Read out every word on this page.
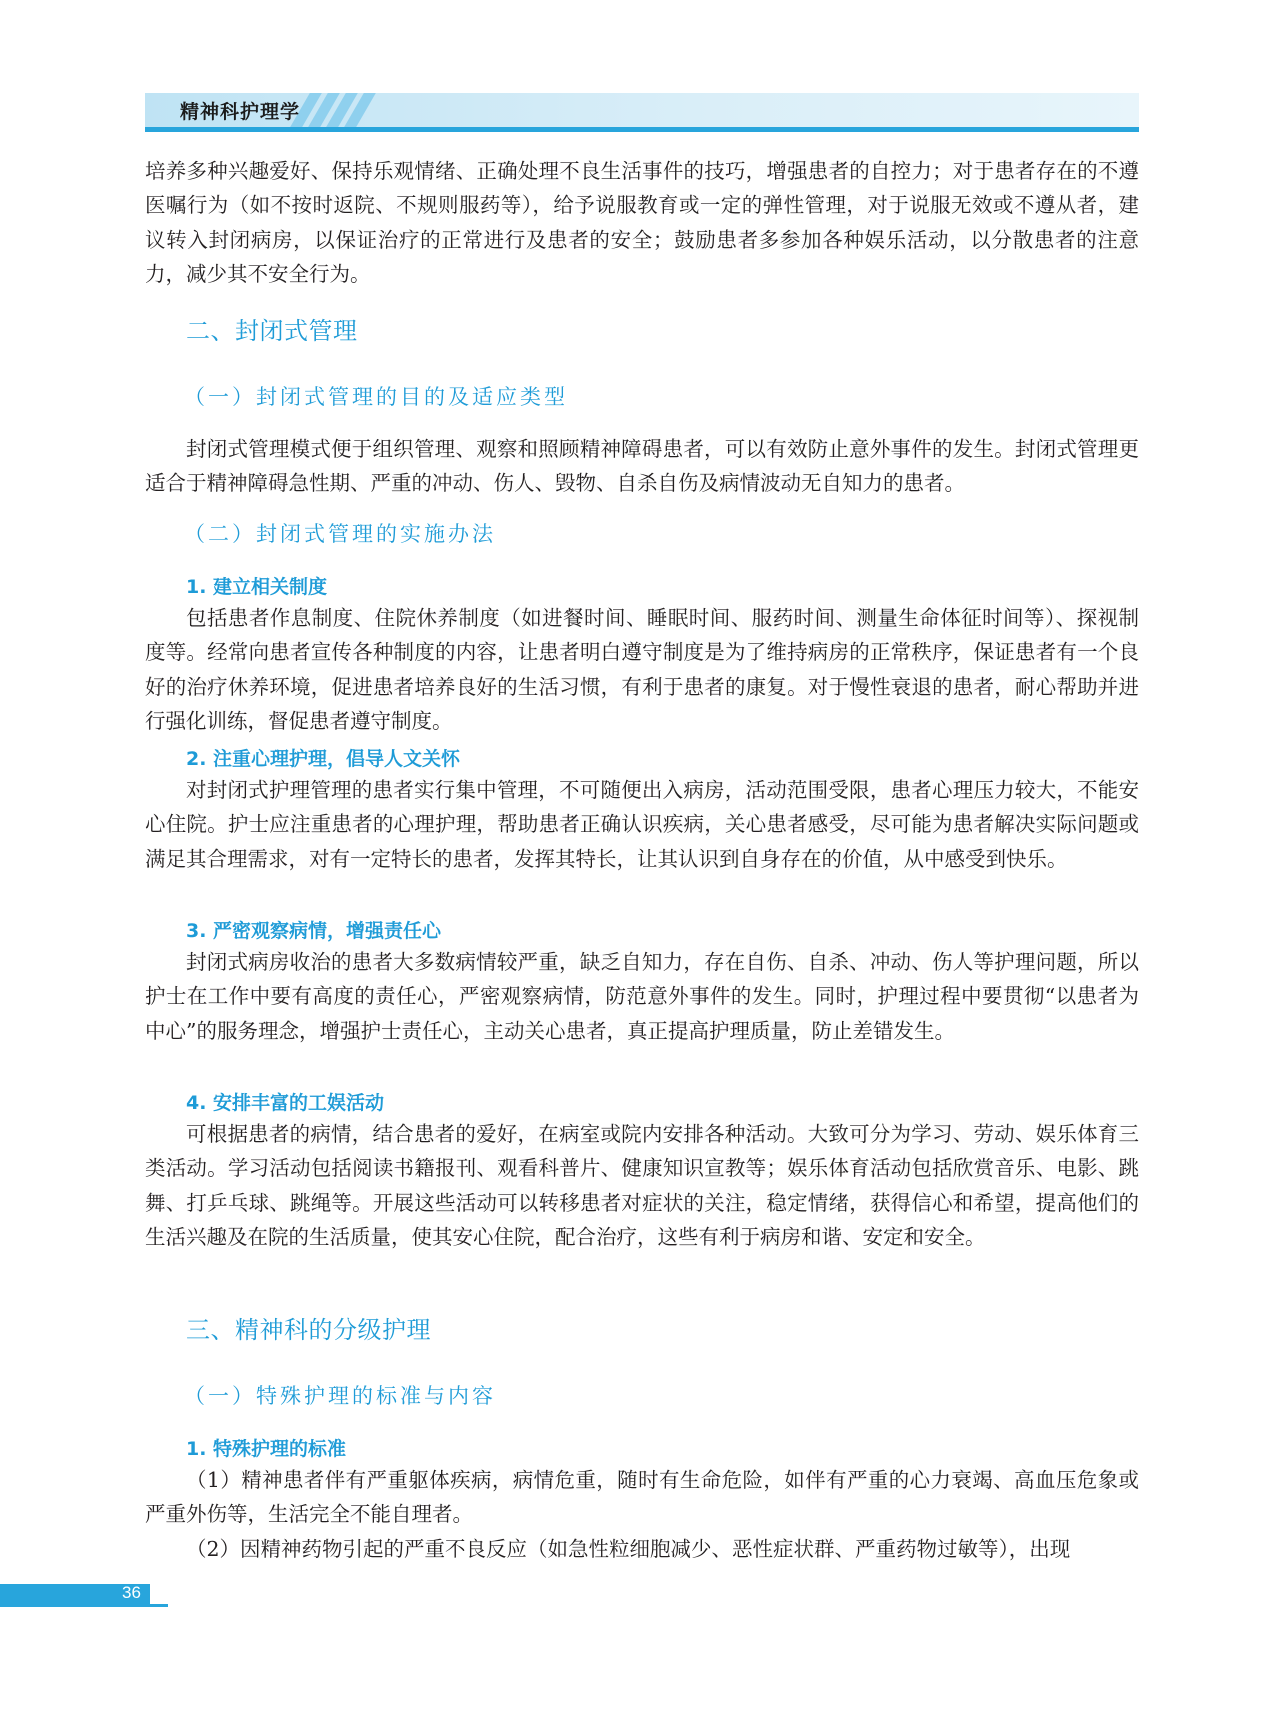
精神科护理学

培养多种兴趣爱好、保持乐观情绪、正确处理不良生活事件的技巧，增强患者的自控力；对于患者存在的不遵医嘱行为（如不按时返院、不规则服药等），给予说服教育或一定的弹性管理，对于说服无效或不遵从者，建议转入封闭病房，以保证治疗的正常进行及患者的安全；鼓励患者多参加各种娱乐活动，以分散患者的注意力，减少其不安全行为。

二、封闭式管理
（一）封闭式管理的目的及适应类型

封闭式管理模式便于组织管理、观察和照顾精神障碍患者，可以有效防止意外事件的发生。封闭式管理更适合于精神障碍急性期、严重的冲动、伤人、毁物、自杀自伤及病情波动无自知力的患者。

（二）封闭式管理的实施办法
1. 建立相关制度

包括患者作息制度、住院休养制度（如进餐时间、睡眠时间、服药时间、测量生命体征时间等）、探视制度等。经常向患者宣传各种制度的内容，让患者明白遵守制度是为了维持病房的正常秩序，保证患者有一个良好的治疗休养环境，促进患者培养良好的生活习惯，有利于患者的康复。对于慢性衰退的患者，耐心帮助并进行强化训练，督促患者遵守制度。

2. 注重心理护理，倡导人文关怀

对封闭式护理管理的患者实行集中管理，不可随便出入病房，活动范围受限，患者心理压力较大，不能安心住院。护士应注重患者的心理护理，帮助患者正确认识疾病，关心患者感受，尽可能为患者解决实际问题或满足其合理需求，对有一定特长的患者，发挥其特长，让其认识到自身存在的价值，从中感受到快乐。

3. 严密观察病情，增强责任心

封闭式病房收治的患者大多数病情较严重，缺乏自知力，存在自伤、自杀、冲动、伤人等护理问题，所以护士在工作中要有高度的责任心，严密观察病情，防范意外事件的发生。同时，护理过程中要贯彻“以患者为中心”的服务理念，增强护士责任心，主动关心患者，真正提高护理质量，防止差错发生。

4. 安排丰富的工娱活动

可根据患者的病情，结合患者的爱好，在病室或院内安排各种活动。大致可分为学习、劳动、娱乐体育三类活动。学习活动包括阅读书籍报刊、观看科普片、健康知识宣教等；娱乐体育活动包括欣赏音乐、电影、跳舞、打乒乓球、跳绳等。开展这些活动可以转移患者对症状的关注，稳定情绪，获得信心和希望，提高他们的生活兴趣及在院的生活质量，使其安心住院，配合治疗，这些有利于病房和谐、安定和安全。

三、精神科的分级护理
（一）特殊护理的标准与内容
1. 特殊护理的标准

（1）精神患者伴有严重躯体疾病，病情危重，随时有生命危险，如伴有严重的心力衰竭、高血压危象或严重外伤等，生活完全不能自理者。

（2）因精神药物引起的严重不良反应（如急性粒细胞减少、恶性症状群、严重药物过敏等），出现

36
